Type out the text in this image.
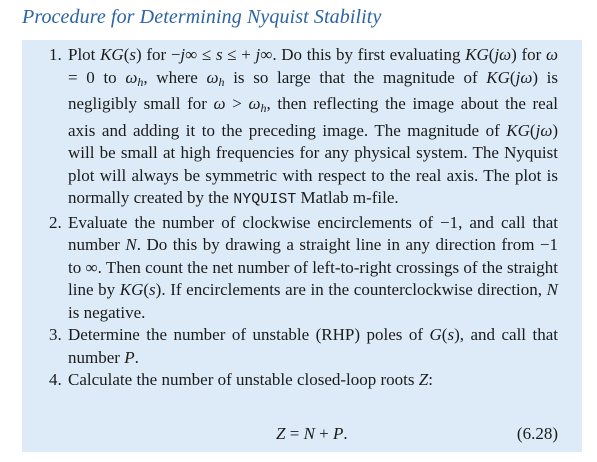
Procedure for Determining Nyquist Stability
1. Plot KG(s) for −j∞ ≤ s ≤ + j∞. Do this by first evaluating KG(jω) for ω = 0 to $\omega_h$, where $\omega_h$ is so large that the magnitude of KG(jω) is negligibly small for $\omega > \omega_h$, then reflecting the image about the real axis and adding it to the preceding image. The magnitude of KG(jω) will be small at high frequencies for any physical system. The Nyquist plot will always be symmetric with respect to the real axis. The plot is normally created by the NYQUIST Matlab m-file.
2. Evaluate the number of clockwise encirclements of −1, and call that number N. Do this by drawing a straight line in any direction from −1 to ∞. Then count the net number of left-to-right crossings of the straight line by KG(s). If encirclements are in the counterclockwise direction, N is negative.
3. Determine the number of unstable (RHP) poles of G(s), and call that number P.
4. Calculate the number of unstable closed-loop roots Z:
Z = N + P.	(6.28)
